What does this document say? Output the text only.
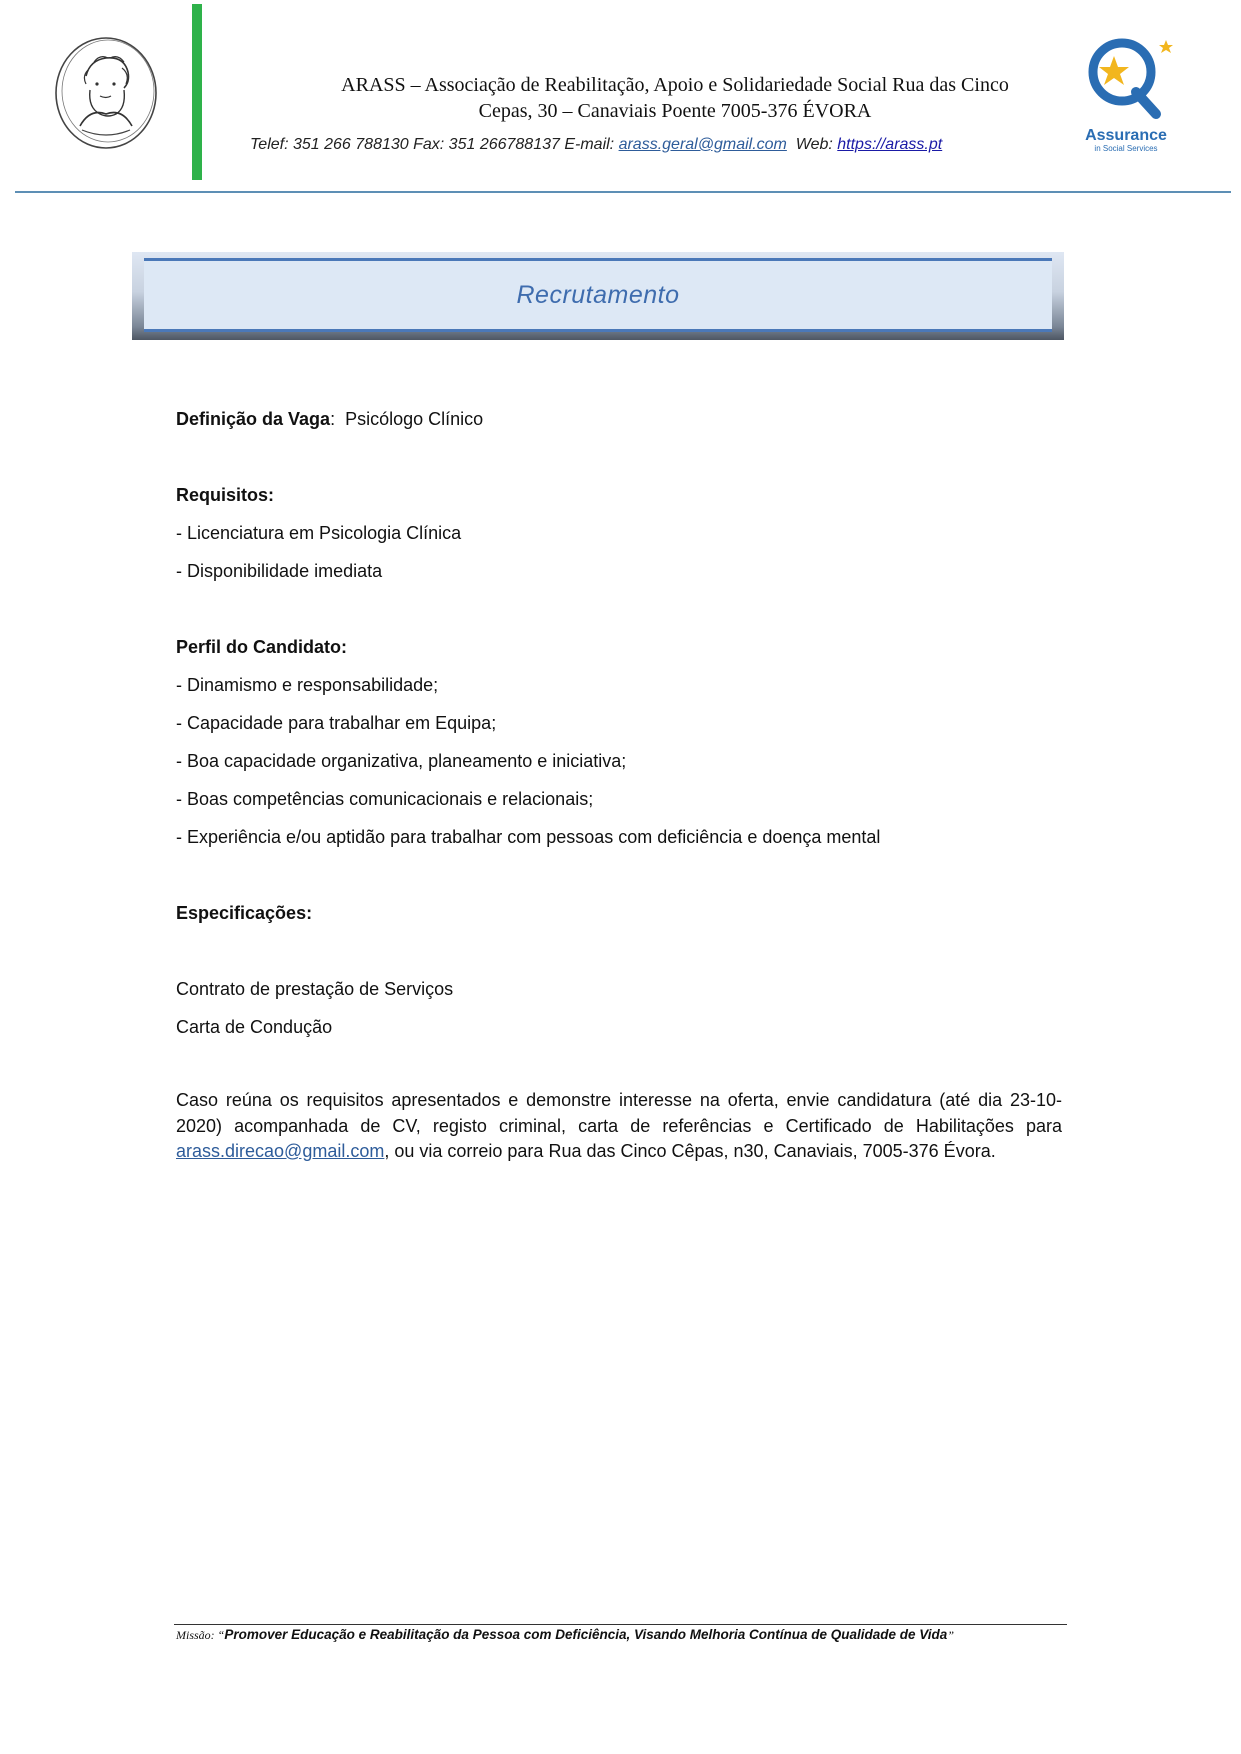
ARASS – Associação de Reabilitação, Apoio e Solidariedade Social Rua das Cinco
Cepas, 30 – Canaviais Poente 7005-376 ÉVORA
Telef: 351 266 788130 Fax: 351 266788137 E-mail: arass.geral@gmail.com  Web: https://arass.pt
Assurance
in Social Services
Recrutamento
Definição da Vaga:  Psicólogo Clínico
Requisitos:
- Licenciatura em Psicologia Clínica
- Disponibilidade imediata
Perfil do Candidato:
- Dinamismo e responsabilidade;
- Capacidade para trabalhar em Equipa;
- Boa capacidade organizativa, planeamento e iniciativa;
- Boas competências comunicacionais e relacionais;
- Experiência e/ou aptidão para trabalhar com pessoas com deficiência e doença mental
Especificações:
Contrato de prestação de Serviços
Carta de Condução
Caso reúna os requisitos apresentados e demonstre interesse na oferta, envie candidatura (até dia 23-10-2020) acompanhada de CV, registo criminal, carta de referências e Certificado de Habilitações para arass.direcao@gmail.com, ou via correio para Rua das Cinco Cêpas, n30, Canaviais, 7005-376 Évora.
Missão: “Promover Educação e Reabilitação da Pessoa com Deficiência, Visando Melhoria Contínua de Qualidade de Vida”
